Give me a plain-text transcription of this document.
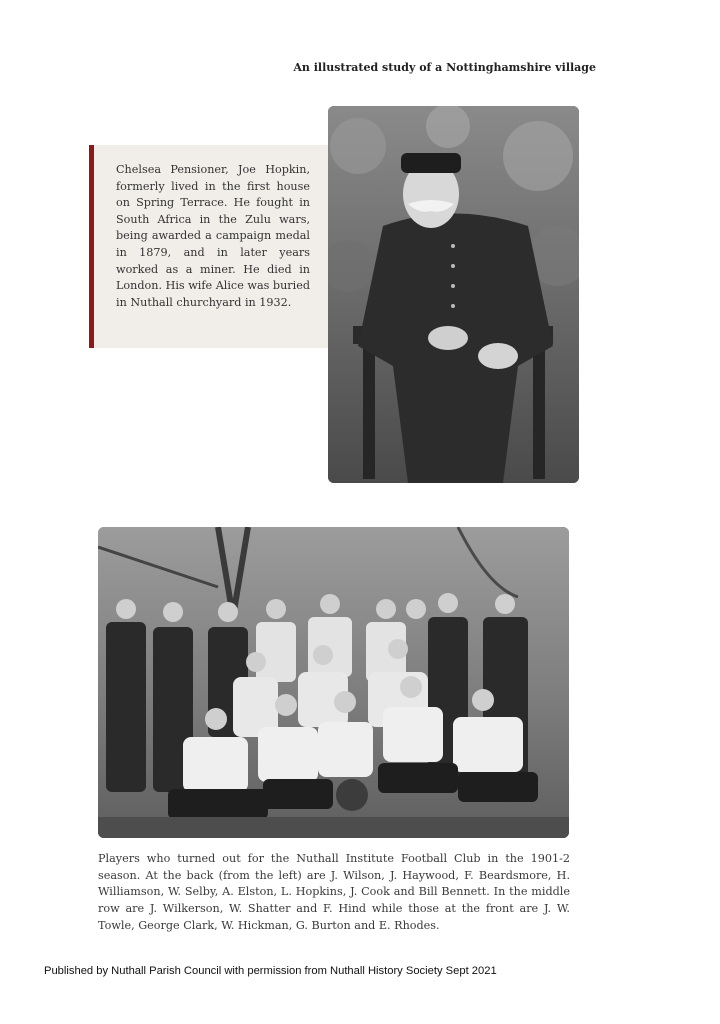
An illustrated study of a Nottinghamshire village
Chelsea Pensioner, Joe Hopkin, formerly lived in the first house on Spring Terrace. He fought in South Africa in the Zulu wars, being awarded a campaign medal in 1879, and in later years worked as a miner. He died in London. His wife Alice was buried in Nuthall churchyard in 1932.
Players who turned out for the Nuthall Institute Football Club in the 1901-2 season. At the back (from the left) are J. Wilson, J. Haywood, F. Beardsmore, H. Williamson, W. Selby, A. Elston, L. Hopkins, J. Cook and Bill Bennett. In the middle row are J. Wilkerson, W. Shatter and F. Hind while those at the front are J. W. Towle, George Clark, W. Hickman, G. Burton and E. Rhodes.
Published by Nuthall Parish Council with permission from Nuthall History Society Sept 2021
